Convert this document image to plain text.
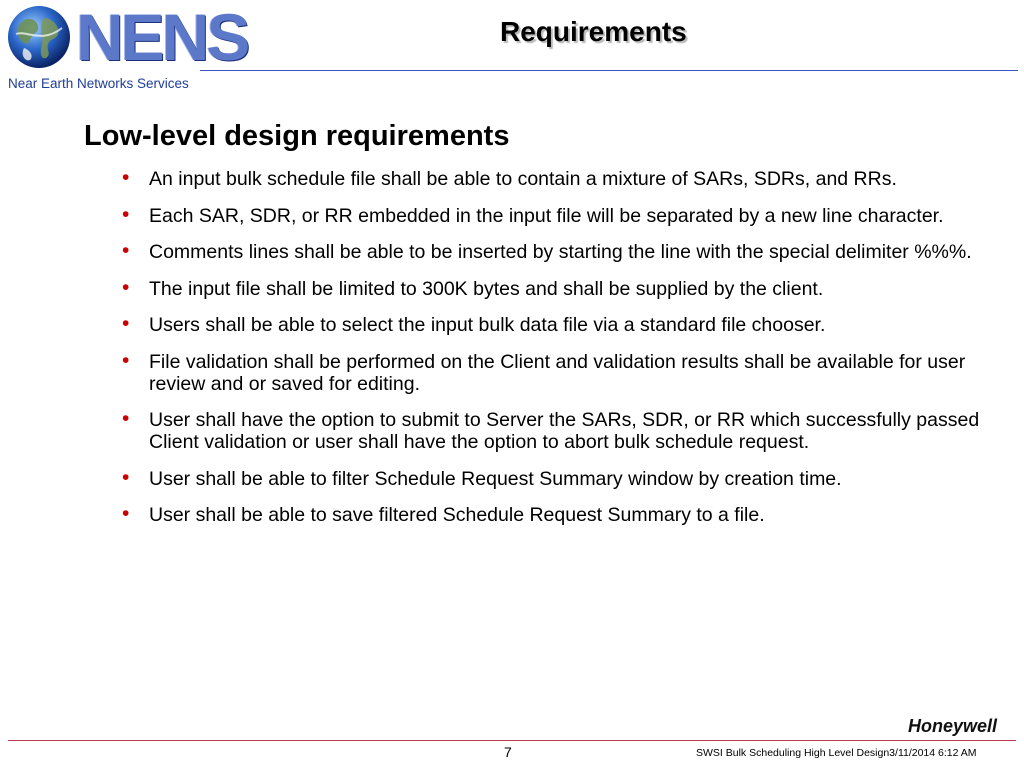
NENS
Near Earth Networks Services
Requirements
Low-level design requirements
• An input bulk schedule file shall be able to contain a mixture of SARs, SDRs, and RRs.
• Each SAR, SDR, or RR embedded in the input file will be separated by a new line character.
• Comments lines shall be able to be inserted by starting the line with the special delimiter %%%.
• The input file shall be limited to 300K bytes and shall be supplied by the client.
• Users shall be able to select the input bulk data file via a standard file chooser.
• File validation shall be performed on the Client and validation results shall be available for user review and or saved for editing.
• User shall have the option to submit to Server the SARs, SDR, or RR which successfully passed Client validation or user shall have the option to abort bulk schedule request.
• User shall be able to filter Schedule Request Summary window by creation time.
• User shall be able to save filtered Schedule Request Summary to a file.
Honeywell
7	SWSI Bulk Scheduling High Level Design3/11/2014 6:12 AM
